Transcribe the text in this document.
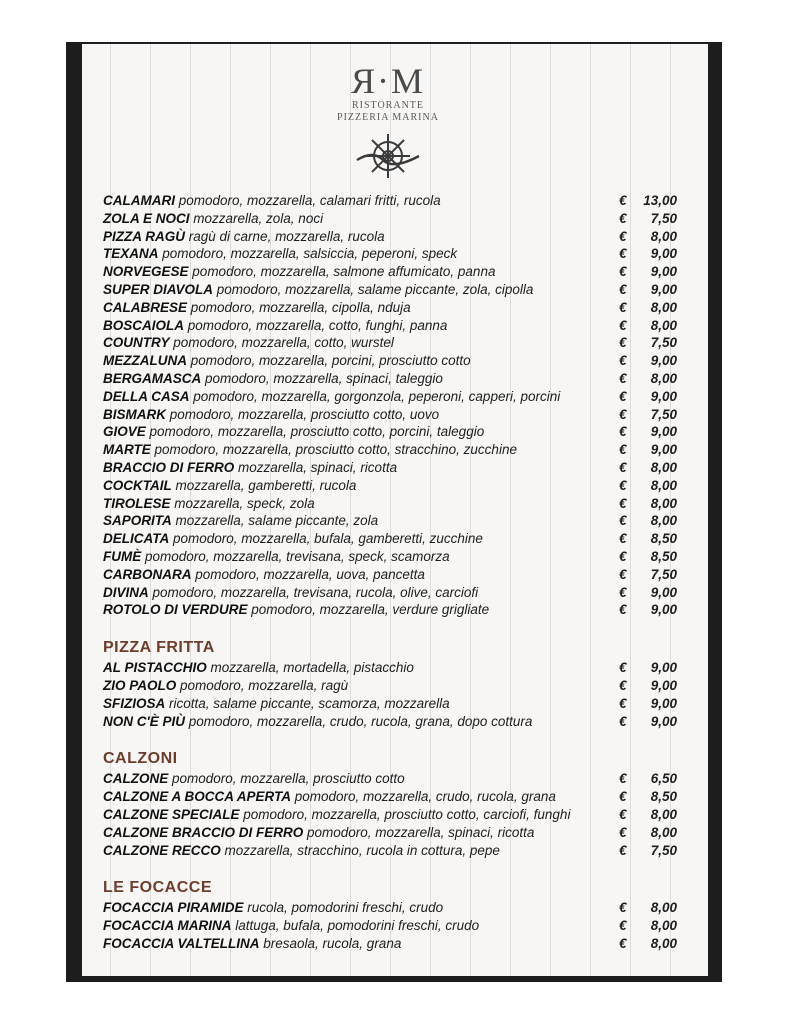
Я·M
RISTORANTE
PIZZERIA MARINA
CALAMARI pomodoro, mozzarella, calamari fritti, rucola	€ 13,00
ZOLA E NOCI mozzarella, zola, noci	€ 7,50
PIZZA RAGÙ ragù di carne, mozzarella, rucola	€ 8,00
TEXANA pomodoro, mozzarella, salsiccia, peperoni, speck	€ 9,00
NORVEGESE pomodoro, mozzarella, salmone affumicato, panna	€ 9,00
SUPER DIAVOLA pomodoro, mozzarella, salame piccante, zola, cipolla	€ 9,00
CALABRESE pomodoro, mozzarella, cipolla, nduja	€ 8,00
BOSCAIOLA pomodoro, mozzarella, cotto, funghi, panna	€ 8,00
COUNTRY pomodoro, mozzarella, cotto, wurstel	€ 7,50
MEZZALUNA pomodoro, mozzarella, porcini, prosciutto cotto	€ 9,00
BERGAMASCA pomodoro, mozzarella, spinaci, taleggio	€ 8,00
DELLA CASA pomodoro, mozzarella, gorgonzola, peperoni, capperi, porcini	€ 9,00
BISMARK pomodoro, mozzarella, prosciutto cotto, uovo	€ 7,50
GIOVE pomodoro, mozzarella, prosciutto cotto, porcini, taleggio	€ 9,00
MARTE pomodoro, mozzarella, prosciutto cotto, stracchino, zucchine	€ 9,00
BRACCIO DI FERRO mozzarella, spinaci, ricotta	€ 8,00
COCKTAIL mozzarella, gamberetti, rucola	€ 8,00
TIROLESE mozzarella, speck, zola	€ 8,00
SAPORITA mozzarella, salame piccante, zola	€ 8,00
DELICATA pomodoro, mozzarella, bufala, gamberetti, zucchine	€ 8,50
FUMÈ pomodoro, mozzarella, trevisana, speck, scamorza	€ 8,50
CARBONARA pomodoro, mozzarella, uova, pancetta	€ 7,50
DIVINA pomodoro, mozzarella, trevisana, rucola, olive, carciofi	€ 9,00
ROTOLO DI VERDURE pomodoro, mozzarella, verdure grigliate	€ 9,00
PIZZA FRITTA
AL PISTACCHIO mozzarella, mortadella, pistacchio	€ 9,00
ZIO PAOLO pomodoro, mozzarella, ragù	€ 9,00
SFIZIOSA ricotta, salame piccante, scamorza, mozzarella	€ 9,00
NON C'È PIÙ pomodoro, mozzarella, crudo, rucola, grana, dopo cottura	€ 9,00
CALZONI
CALZONE pomodoro, mozzarella, prosciutto cotto	€ 6,50
CALZONE A BOCCA APERTA pomodoro, mozzarella, crudo, rucola, grana	€ 8,50
CALZONE SPECIALE pomodoro, mozzarella, prosciutto cotto, carciofi, funghi	€ 8,00
CALZONE BRACCIO DI FERRO pomodoro, mozzarella, spinaci, ricotta	€ 8,00
CALZONE RECCO mozzarella, stracchino, rucola in cottura, pepe	€ 7,50
LE FOCACCE
FOCACCIA PIRAMIDE rucola, pomodorini freschi, crudo	€ 8,00
FOCACCIA MARINA lattuga, bufala, pomodorini freschi, crudo	€ 8,00
FOCACCIA VALTELLINA bresaola, rucola, grana	€ 8,00
